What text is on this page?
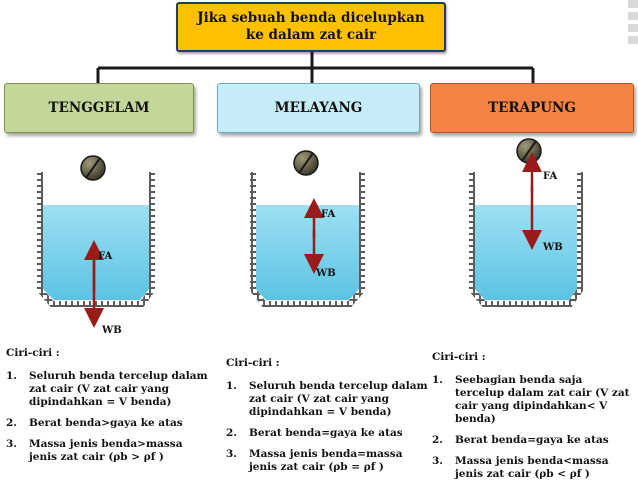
Jika sebuah benda dicelupkan
ke dalam zat cair
TENGGELAM	MELAYANG	TERAPUNG
FA
WB
FA
WB
FA
WB
Ciri-ciri :
1. Seluruh benda tercelup dalam zat cair (V zat cair yang dipindahkan = V benda)
2. Berat benda>gaya ke atas
3. Massa jenis benda>massa jenis zat cair (ρb > ρf )
Ciri-ciri :
1. Seluruh benda tercelup dalam zat cair (V zat cair yang dipindahkan = V benda)
2. Berat benda=gaya ke atas
3. Massa jenis benda=massa jenis zat cair (ρb = ρf )
Ciri-ciri :
1. Seebagian benda saja tercelup dalam zat cair (V zat cair yang dipindahkan< V benda)
2. Berat benda=gaya ke atas
3. Massa jenis benda<massa jenis zat cair (ρb < ρf )
